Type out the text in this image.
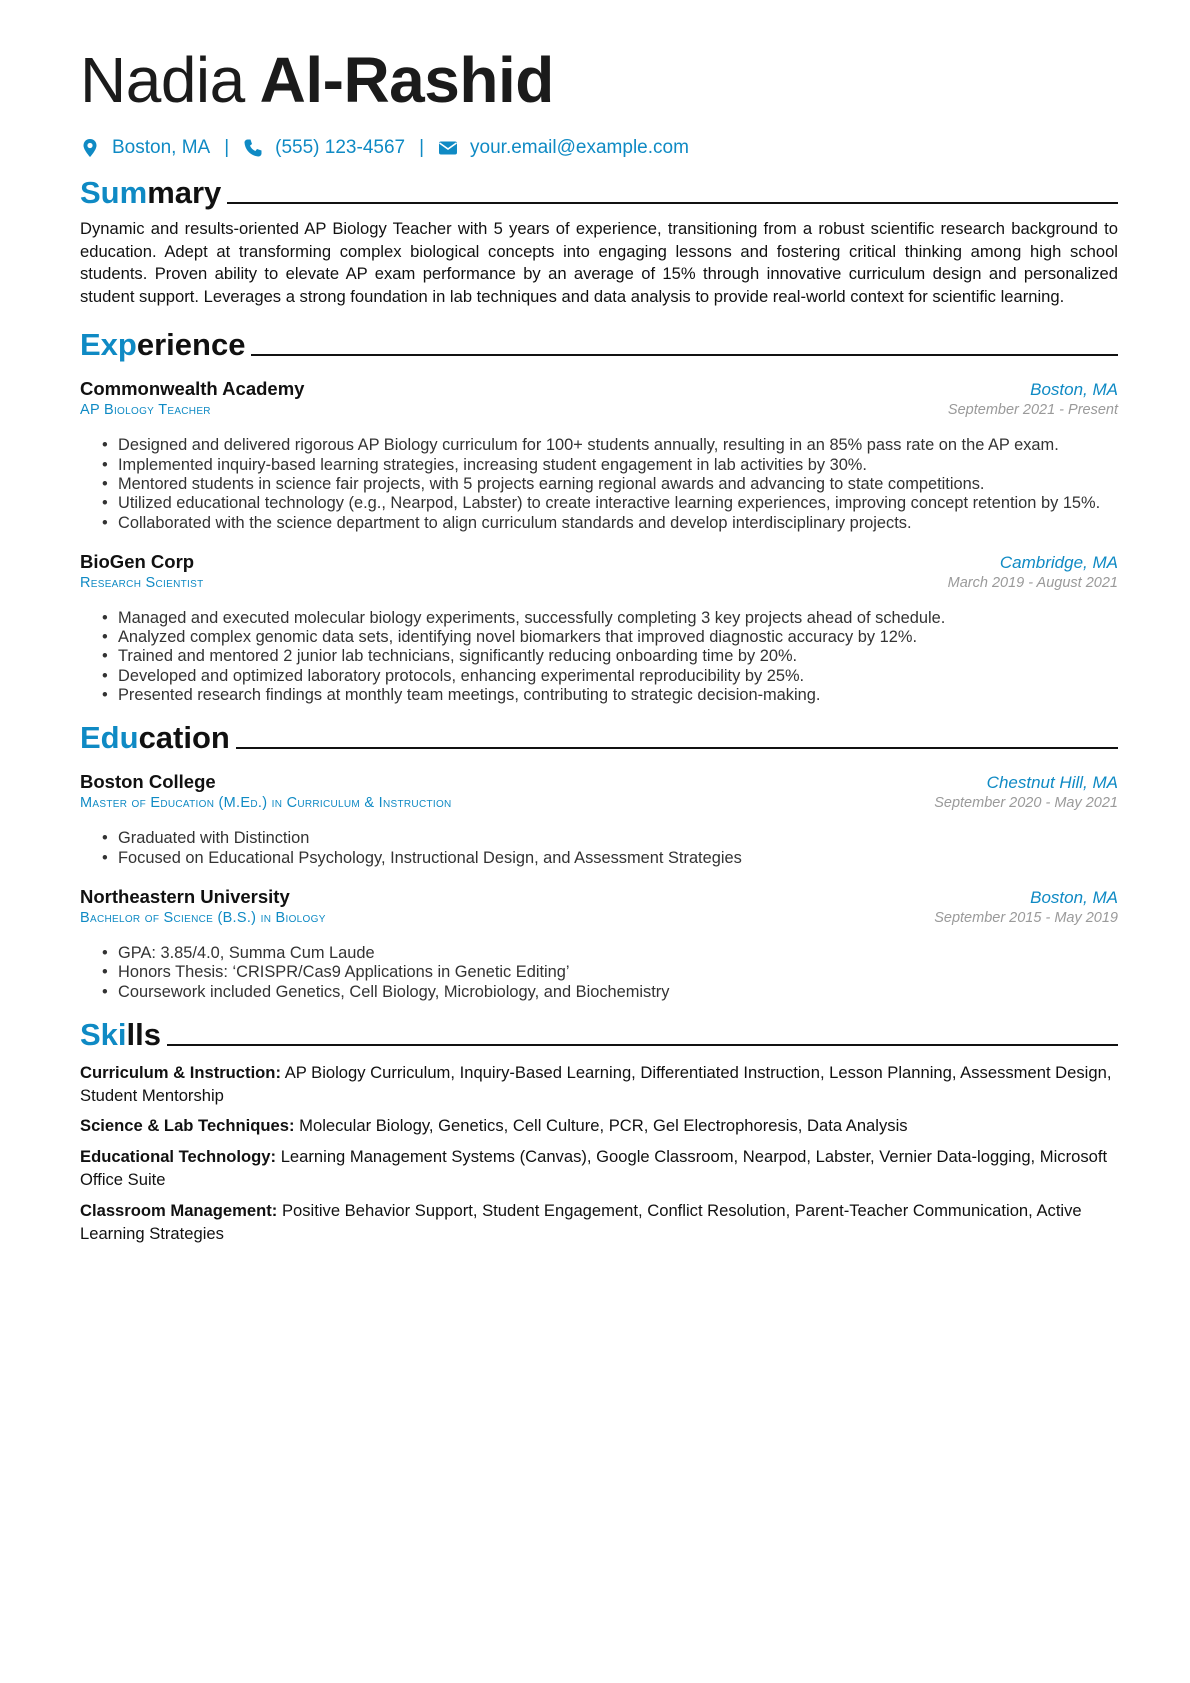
Nadia Al-Rashid
Boston, MA | (555) 123-4567 | your.email@example.com
Summary
Dynamic and results-oriented AP Biology Teacher with 5 years of experience, transitioning from a robust scientific research background to education. Adept at transforming complex biological concepts into engaging lessons and fostering critical thinking among high school students. Proven ability to elevate AP exam performance by an average of 15% through innovative curriculum design and personalized student support. Leverages a strong foundation in lab techniques and data analysis to provide real-world context for scientific learning.
Experience
Commonwealth Academy	Boston, MA
AP Biology Teacher	September 2021 - Present
• Designed and delivered rigorous AP Biology curriculum for 100+ students annually, resulting in an 85% pass rate on the AP exam.
• Implemented inquiry-based learning strategies, increasing student engagement in lab activities by 30%.
• Mentored students in science fair projects, with 5 projects earning regional awards and advancing to state competitions.
• Utilized educational technology (e.g., Nearpod, Labster) to create interactive learning experiences, improving concept retention by 15%.
• Collaborated with the science department to align curriculum standards and develop interdisciplinary projects.
BioGen Corp	Cambridge, MA
Research Scientist	March 2019 - August 2021
• Managed and executed molecular biology experiments, successfully completing 3 key projects ahead of schedule.
• Analyzed complex genomic data sets, identifying novel biomarkers that improved diagnostic accuracy by 12%.
• Trained and mentored 2 junior lab technicians, significantly reducing onboarding time by 20%.
• Developed and optimized laboratory protocols, enhancing experimental reproducibility by 25%.
• Presented research findings at monthly team meetings, contributing to strategic decision-making.
Education
Boston College	Chestnut Hill, MA
Master of Education (M.Ed.) in Curriculum & Instruction	September 2020 - May 2021
• Graduated with Distinction
• Focused on Educational Psychology, Instructional Design, and Assessment Strategies
Northeastern University	Boston, MA
Bachelor of Science (B.S.) in Biology	September 2015 - May 2019
• GPA: 3.85/4.0, Summa Cum Laude
• Honors Thesis: ‘CRISPR/Cas9 Applications in Genetic Editing’
• Coursework included Genetics, Cell Biology, Microbiology, and Biochemistry
Skills
Curriculum & Instruction: AP Biology Curriculum, Inquiry-Based Learning, Differentiated Instruction, Lesson Planning, Assessment Design, Student Mentorship
Science & Lab Techniques: Molecular Biology, Genetics, Cell Culture, PCR, Gel Electrophoresis, Data Analysis
Educational Technology: Learning Management Systems (Canvas), Google Classroom, Nearpod, Labster, Vernier Data-logging, Microsoft Office Suite
Classroom Management: Positive Behavior Support, Student Engagement, Conflict Resolution, Parent-Teacher Communication, Active Learning Strategies
